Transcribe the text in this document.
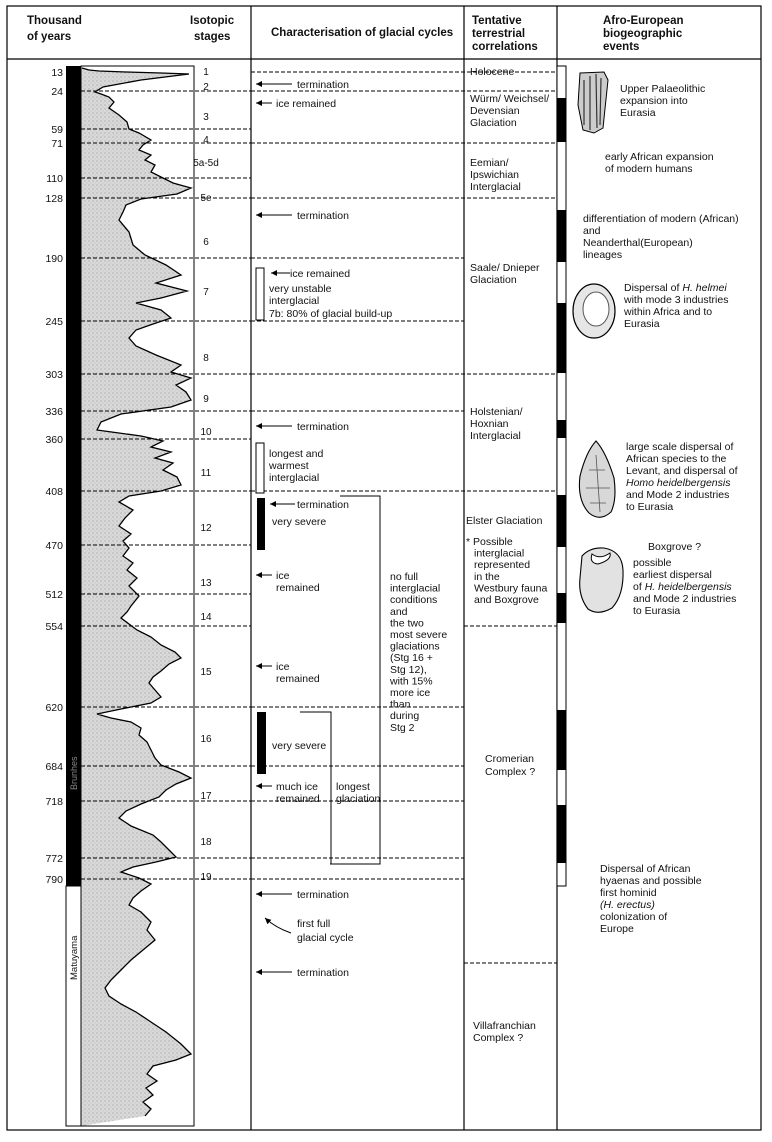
Thousand
of years
Isotopic
stages	Characterisation of glacial cycles
Tentative
terrestrial
correlations
Afro-European
biogeographic
events
Brunhes
Matuyama
13
24
59
71
110
128
190
245
303
336
360
408
470
512
554
620
684
718
772
790
1
2
3
4
5a-5d
5e
6
7
8
9
10
11
12
13
14
15
16
17
18
19
termination
ice remained
termination
termination
ice
remained
ice
remained
much ice
remained
termination
termination
ice remained
very unstable
interglacial
7b: 80% of glacial build-up
longest and
warmest
interglacial
termination
very severe
very severe
no full
interglacial
conditions
and
the two
most severe
glaciations
(Stg 16 +
Stg 12),
with 15%
more ice
than
during
Stg 2
longest
glaciation
first full
glacial cycle
Holocene
Würm/ Weichsel/
Devensian
Glaciation
Eemian/
Ipswichian
Interglacial
Saale/ Dnieper
Glaciation
Holstenian/
Hoxnian
Interglacial
Elster Glaciation
* Possible
interglacial
represented
in the
Westbury fauna
and Boxgrove
Cromerian
Complex ?
Villafranchian
Complex ?
Upper Palaeolithic
expansion into
Eurasia
early African expansion
of modern humans
differentiation of modern (African)
and
Neanderthal(European)
lineages
Dispersal of H. helmei
with mode 3 industries
within Africa and to
Eurasia
large scale dispersal of
African species to the
Levant, and dispersal of
Homo heidelbergensis
and Mode 2 industries
to Eurasia
Boxgrove ?
possible
earliest dispersal
of H. heidelbergensis
and Mode 2 industries
to Eurasia
Dispersal of African
hyaenas and possible
first hominid
(H. erectus)
colonization of
Europe
